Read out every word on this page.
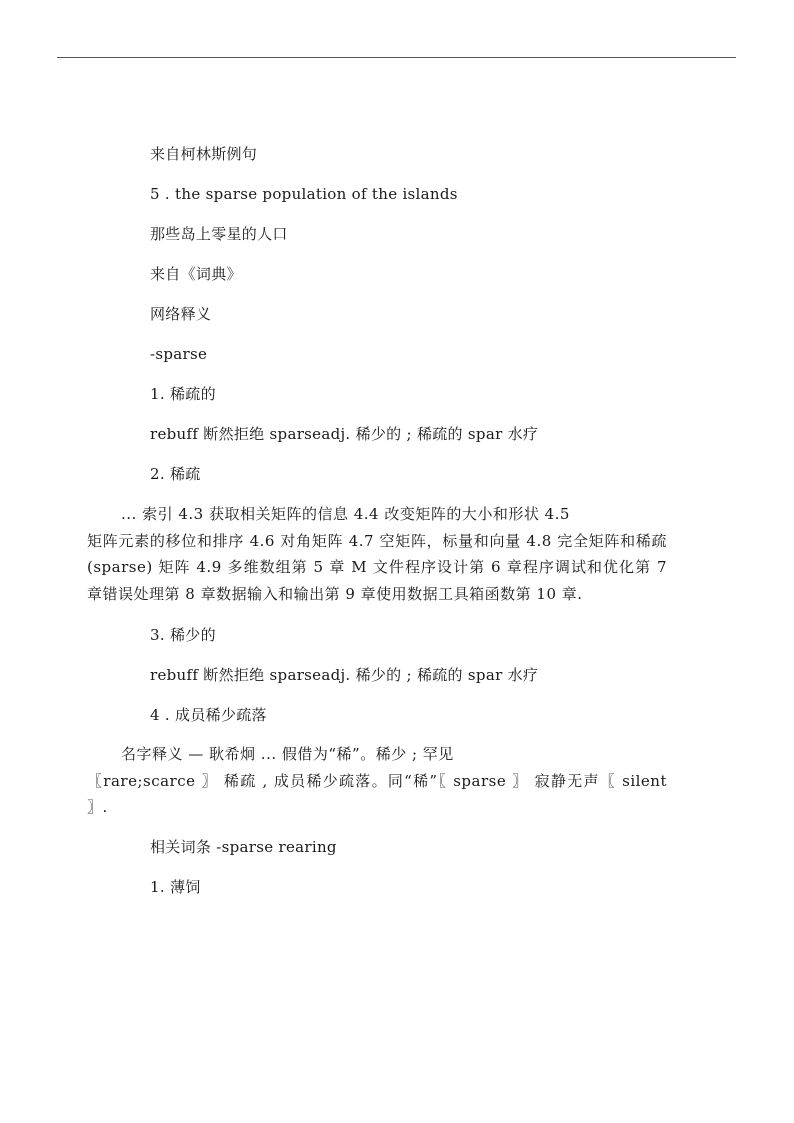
来自柯林斯例句

5 . the sparse population of the islands

那些岛上零星的人口

来自《词典》

网络释义

-sparse

1. 稀疏的

rebuff 断然拒绝 sparseadj. 稀少的 ; 稀疏的 spar 水疗

2. 稀疏

... 索引 4.3 获取相关矩阵的信息 4.4 改变矩阵的大小和形状 4.5

矩阵元素的移位和排序 4.6 对角矩阵 4.7 空矩阵，标量和向量 4.8 完全矩阵和稀疏 (sparse) 矩阵 4.9 多维数组第 5 章 M 文件程序设计第 6 章程序调试和优化第 7 章错误处理第 8 章数据输入和输出第 9 章使用数据工具箱函数第 10 章.

3. 稀少的

rebuff 断然拒绝 sparseadj. 稀少的 ; 稀疏的 spar 水疗

4 . 成员稀少疏落

名字释义 — 耿希炯 ... 假借为“稀”。稀少 ; 罕见

〖rare;scarce 〗 稀疏 , 成员稀少疏落。同“稀”〖 sparse 〗 寂静无声〖 silent 〗.

相关词条 -sparse rearing

1. 薄饲
